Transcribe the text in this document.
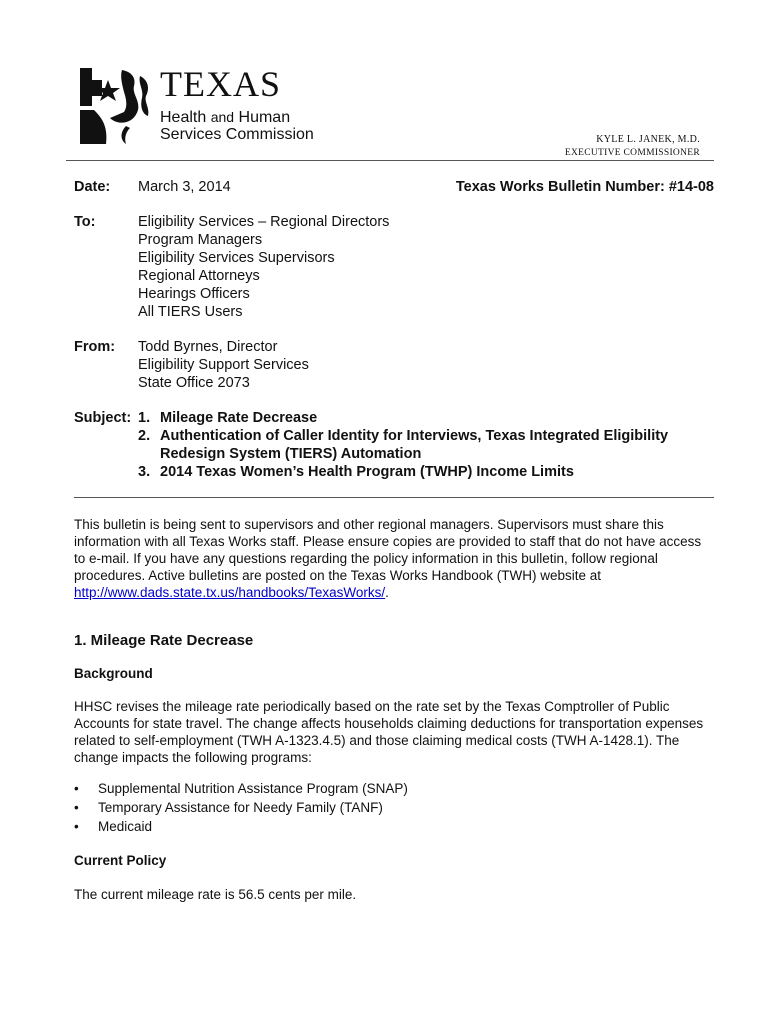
TEXAS
Health and Human
Services Commission	KYLE L. JANEK, M.D.
EXECUTIVE COMMISSIONER
Date: March 3, 2014	Texas Works Bulletin Number: #14-08
To:	Eligibility Services – Regional Directors
Program Managers
Eligibility Services Supervisors
Regional Attorneys
Hearings Officers
All TIERS Users
From: Todd Byrnes, Director
Eligibility Support Services
State Office 2073
Subject: 1. Mileage Rate Decrease
2. Authentication of Caller Identity for Interviews, Texas Integrated Eligibility
Redesign System (TIERS) Automation
3. 2014 Texas Women’s Health Program (TWHP) Income Limits
This bulletin is being sent to supervisors and other regional managers. Supervisors must share this information with all Texas Works staff. Please ensure copies are provided to staff that do not have access to e-mail. If you have any questions regarding the policy information in this bulletin, follow regional procedures. Active bulletins are posted on the Texas Works Handbook (TWH) website at http://www.dads.state.tx.us/handbooks/TexasWorks/.
1. Mileage Rate Decrease
Background
HHSC revises the mileage rate periodically based on the rate set by the Texas Comptroller of Public Accounts for state travel. The change affects households claiming deductions for transportation expenses related to self-employment (TWH A-1323.4.5) and those claiming medical costs (TWH A-1428.1). The change impacts the following programs:
•	Supplemental Nutrition Assistance Program (SNAP)
•	Temporary Assistance for Needy Family (TANF)
•	Medicaid
Current Policy
The current mileage rate is 56.5 cents per mile.
